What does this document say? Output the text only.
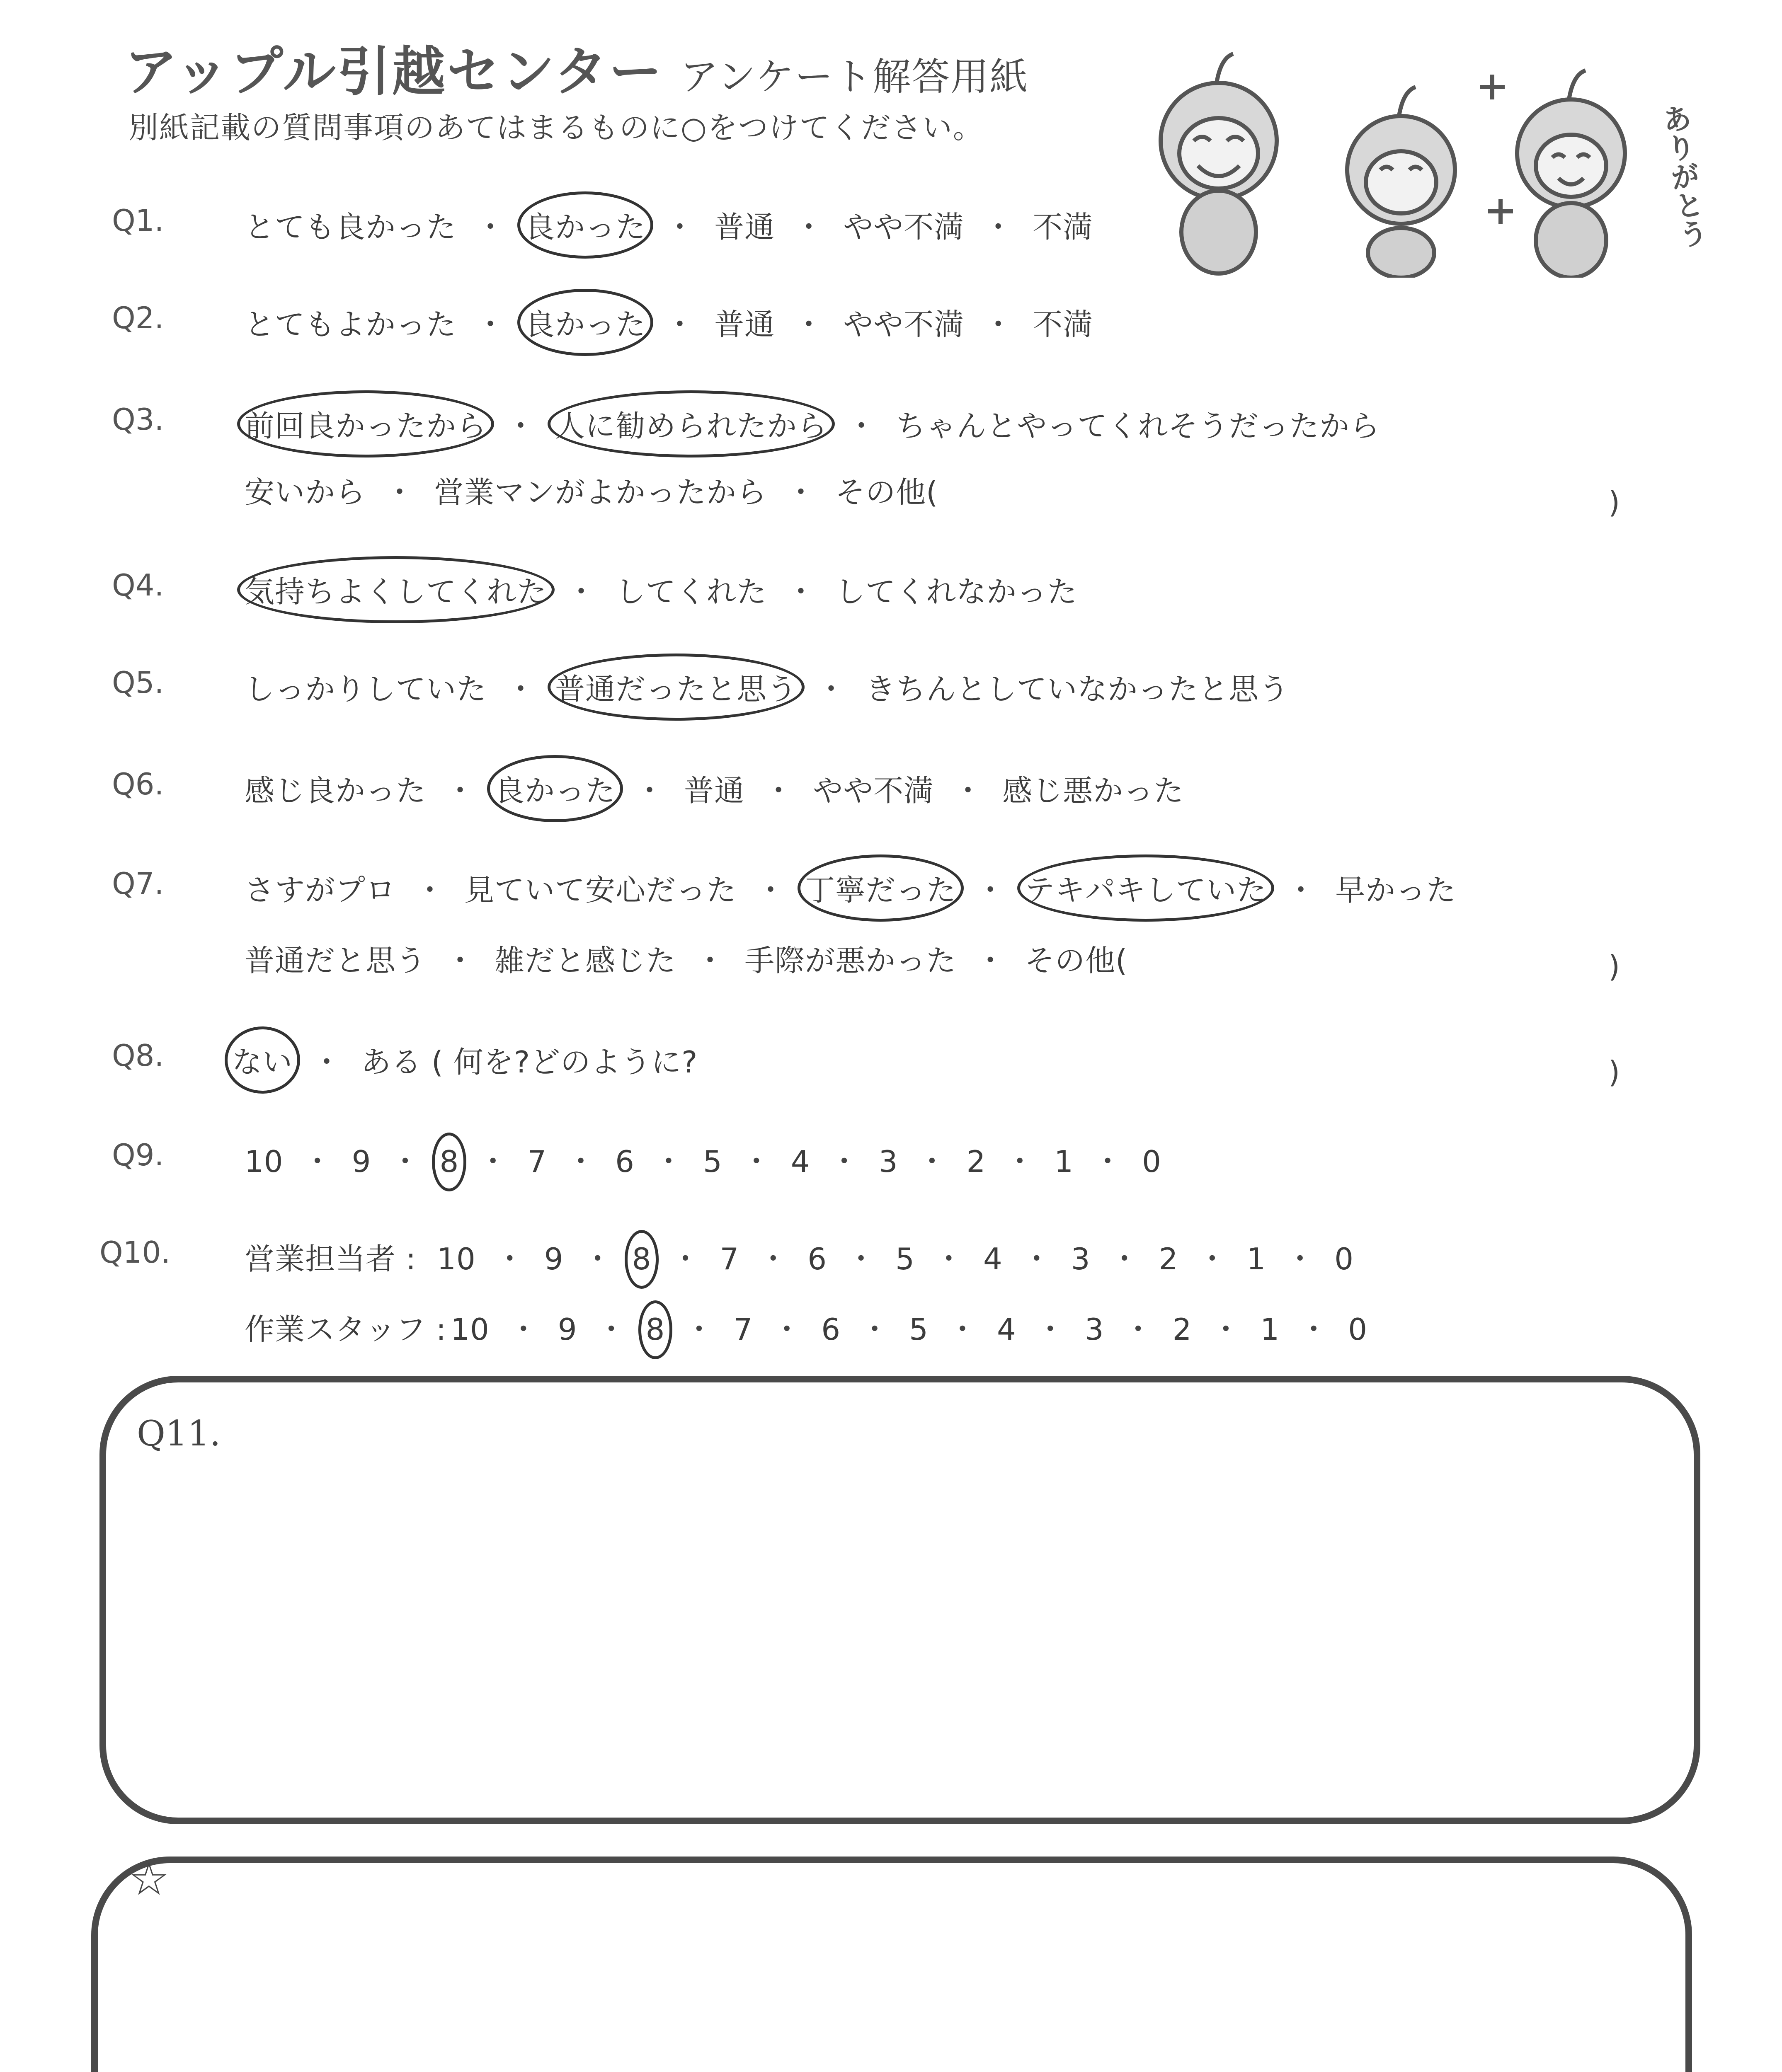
アップル引越センター アンケート解答用紙
別紙記載の質問事項のあてはまるものに○をつけてください。	ありがとう
Q1.	とても良かった ・ 良かった ・ 普通 ・ やや不満 ・ 不満
Q2.	とてもよかった ・ 良かった ・ 普通 ・ やや不満 ・ 不満
Q3.	前回良かったから ・ 人に勧められたから ・ ちゃんとやってくれそうだったから
安いから ・ 営業マンがよかったから ・ その他(	)
Q4.	気持ちよくしてくれた ・ してくれた ・ してくれなかった
Q5.	しっかりしていた ・ 普通だったと思う ・ きちんとしていなかったと思う
Q6.	感じ良かった ・ 良かった ・ 普通 ・ やや不満 ・ 感じ悪かった
Q7.	さすがプロ ・ 見ていて安心だった ・ 丁寧だった ・ テキパキしていた ・ 早かった
普通だと思う ・ 雑だと感じた ・ 手際が悪かった ・ その他(	)
Q8. ない ・ ある ( 何を?どのように?	)
Q9.	10 ・ 9 ・ 8 ・ 7 ・ 6 ・ 5 ・ 4 ・ 3 ・ 2 ・ 1 ・ 0
Q10. 営業担当者 : 10 ・ 9 ・ 8 ・ 7 ・ 6 ・ 5 ・ 4 ・ 3 ・ 2 ・ 1 ・ 0
作業スタッフ : 10 ・ 9 ・ 8 ・ 7 ・ 6 ・ 5 ・ 4 ・ 3 ・ 2 ・ 1 ・ 0
Q11.
☆
